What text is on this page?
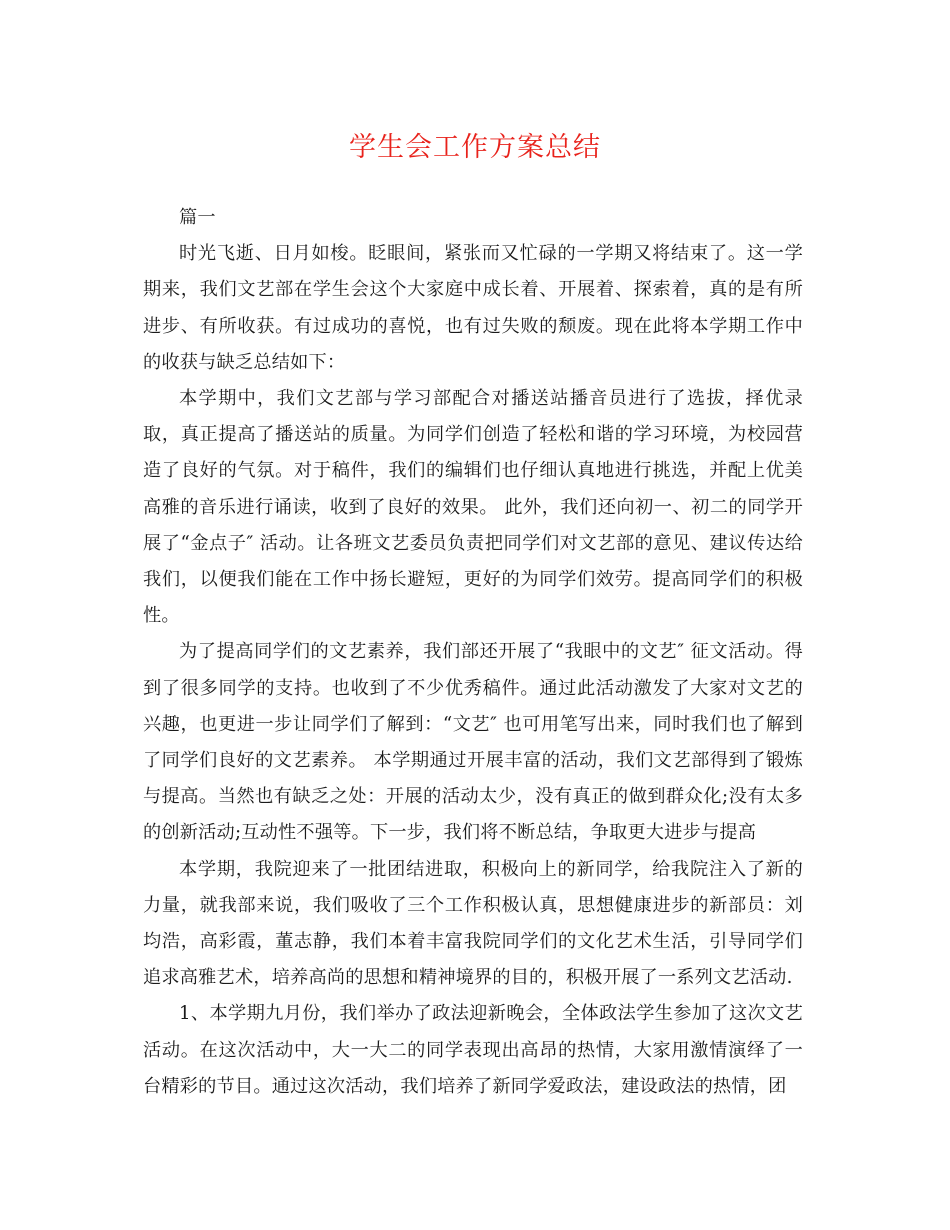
学生会工作方案总结

篇一

时光飞逝、日月如梭。眨眼间，紧张而又忙碌的一学期又将结束了。这一学期来，我们文艺部在学生会这个大家庭中成长着、开展着、探索着，真的是有所进步、有所收获。有过成功的喜悦，也有过失败的颓废。现在此将本学期工作中的收获与缺乏总结如下：

本学期中，我们文艺部与学习部配合对播送站播音员进行了选拔，择优录取，真正提高了播送站的质量。为同学们创造了轻松和谐的学习环境，为校园营造了良好的气氛。对于稿件，我们的编辑们也仔细认真地进行挑选，并配上优美高雅的音乐进行诵读，收到了良好的效果。 此外，我们还向初一、初二的同学开展了“金点子″ 活动。让各班文艺委员负责把同学们对文艺部的意见、建议传达给我们，以便我们能在工作中扬长避短，更好的为同学们效劳。提高同学们的积极性。

为了提高同学们的文艺素养，我们部还开展了“我眼中的文艺″ 征文活动。得到了很多同学的支持。也收到了不少优秀稿件。通过此活动激发了大家对文艺的兴趣，也更进一步让同学们了解到：“文艺″ 也可用笔写出来，同时我们也了解到了同学们良好的文艺素养。 本学期通过开展丰富的活动，我们文艺部得到了锻炼与提高。当然也有缺乏之处：开展的活动太少，没有真正的做到群众化;没有太多的创新活动;互动性不强等。下一步，我们将不断总结，争取更大进步与提高

本学期，我院迎来了一批团结进取，积极向上的新同学，给我院注入了新的力量，就我部来说，我们吸收了三个工作积极认真，思想健康进步的新部员：刘均浩，高彩霞，董志静，我们本着丰富我院同学们的文化艺术生活，引导同学们追求高雅艺术，培养高尚的思想和精神境界的目的，积极开展了一系列文艺活动.

1、本学期九月份，我们举办了政法迎新晚会，全体政法学生参加了这次文艺活动。在这次活动中，大一大二的同学表现出高昂的热情，大家用激情演绎了一台精彩的节目。通过这次活动，我们培养了新同学爱政法，建设政法的热情，团
